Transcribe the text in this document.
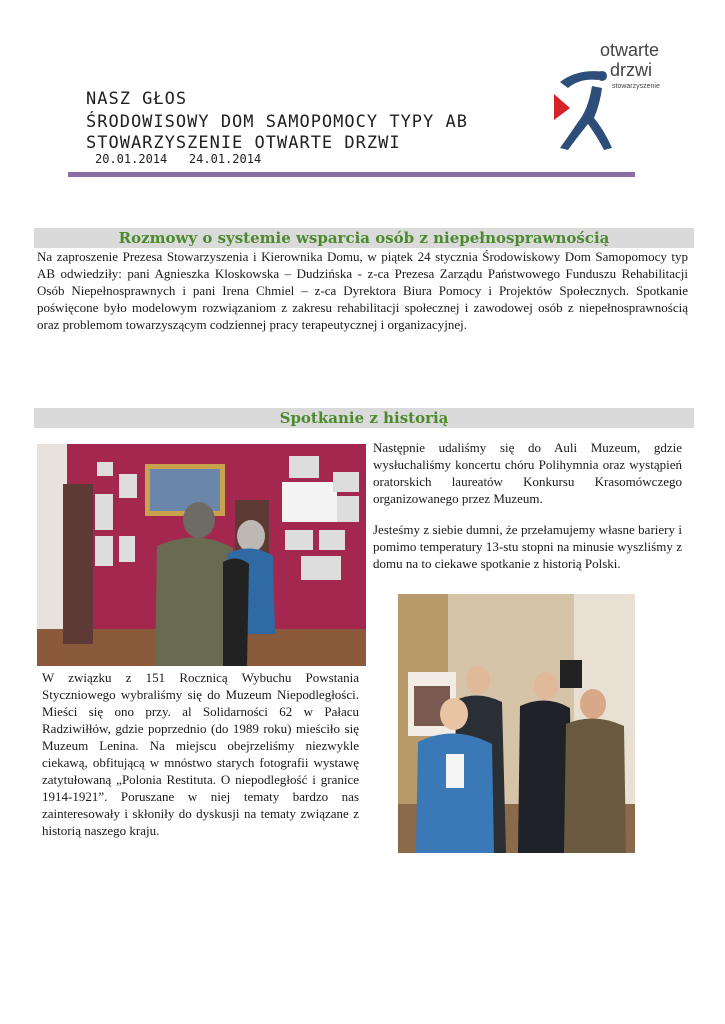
NASZ GŁOS
ŚRODOWISOWY DOM SAMOPOMOCY TYPY AB
STOWARZYSZENIE OTWARTE DRZWI
20.01.2014   24.01.2014
otwarte
drzwi
stowarzyszenie
Rozmowy o systemie wsparcia osób z niepełnosprawnością
Na zaproszenie Prezesa Stowarzyszenia i Kierownika Domu, w piątek 24 stycznia Środowiskowy Dom Samopomocy typ AB odwiedziły: pani Agnieszka Kloskowska – Dudzińska - z-ca Prezesa Zarządu Państwowego Funduszu Rehabilitacji Osób Niepełnosprawnych i pani Irena Chmiel – z-ca Dyrektora Biura Pomocy i Projektów Społecznych. Spotkanie poświęcone było modelowym rozwiązaniom z zakresu rehabilitacji społecznej i zawodowej osób z niepełnosprawnością oraz problemom towarzyszącym codziennej pracy terapeutycznej i organizacyjnej.
Spotkanie z historią
Następnie udaliśmy się do Auli Muzeum, gdzie wysłuchaliśmy koncertu chóru Polihymnia oraz wystąpień oratorskich laureatów Konkursu Krasomówczego organizowanego przez Muzeum.
Jesteśmy z siebie dumni, że przełamujemy własne bariery i pomimo temperatury 13-stu stopni na minusie wyszliśmy z domu na to ciekawe spotkanie z historią Polski.
W związku z 151 Rocznicą Wybuchu Powstania Styczniowego wybraliśmy się do Muzeum Niepodległości. Mieści się ono przy. al Solidarności 62 w Pałacu Radziwiłłów, gdzie poprzednio (do 1989 roku) mieściło się Muzeum Lenina. Na miejscu obejrzeliśmy niezwykle ciekawą, obfitującą w mnóstwo starych fotografii wystawę zatytułowaną „Polonia Restituta. O niepodległość i granice 1914-1921”. Poruszane w niej tematy bardzo nas zainteresowały i skłoniły do dyskusji na tematy związane z historią naszego kraju.
